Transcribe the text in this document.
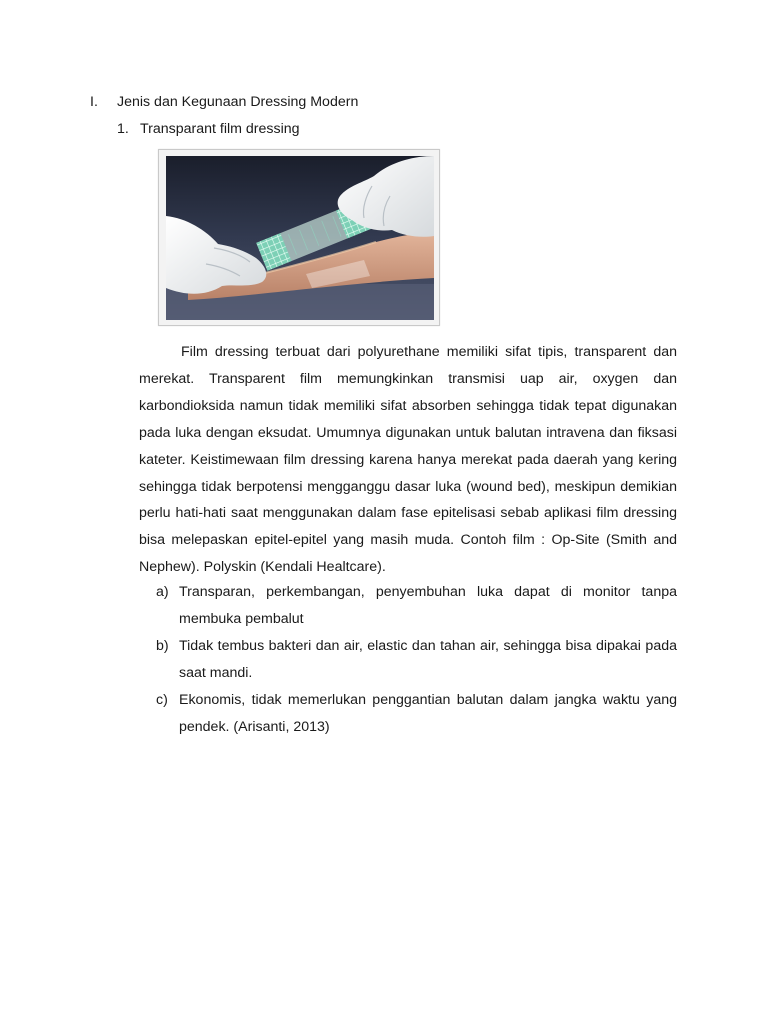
I. Jenis dan Kegunaan Dressing Modern
1. Transparant film dressing

Film dressing terbuat dari polyurethane memiliki sifat tipis, transparent dan merekat. Transparent film memungkinkan transmisi uap air, oxygen dan karbondioksida namun tidak memiliki sifat absorben sehingga tidak tepat digunakan pada luka dengan eksudat. Umumnya digunakan untuk balutan intravena dan fiksasi kateter. Keistimewaan film dressing karena hanya merekat pada daerah yang kering sehingga tidak berpotensi mengganggu dasar luka (wound bed), meskipun demikian perlu hati-hati saat menggunakan dalam fase epitelisasi sebab aplikasi film dressing bisa melepaskan epitel-epitel yang masih muda. Contoh film : Op-Site (Smith and Nephew). Polyskin (Kendali Healtcare).

a) Transparan, perkembangan, penyembuhan luka dapat di monitor tanpa membuka pembalut
b) Tidak tembus bakteri dan air, elastic dan tahan air, sehingga bisa dipakai pada saat mandi.
c) Ekonomis, tidak memerlukan penggantian balutan dalam jangka waktu yang pendek. (Arisanti, 2013)
